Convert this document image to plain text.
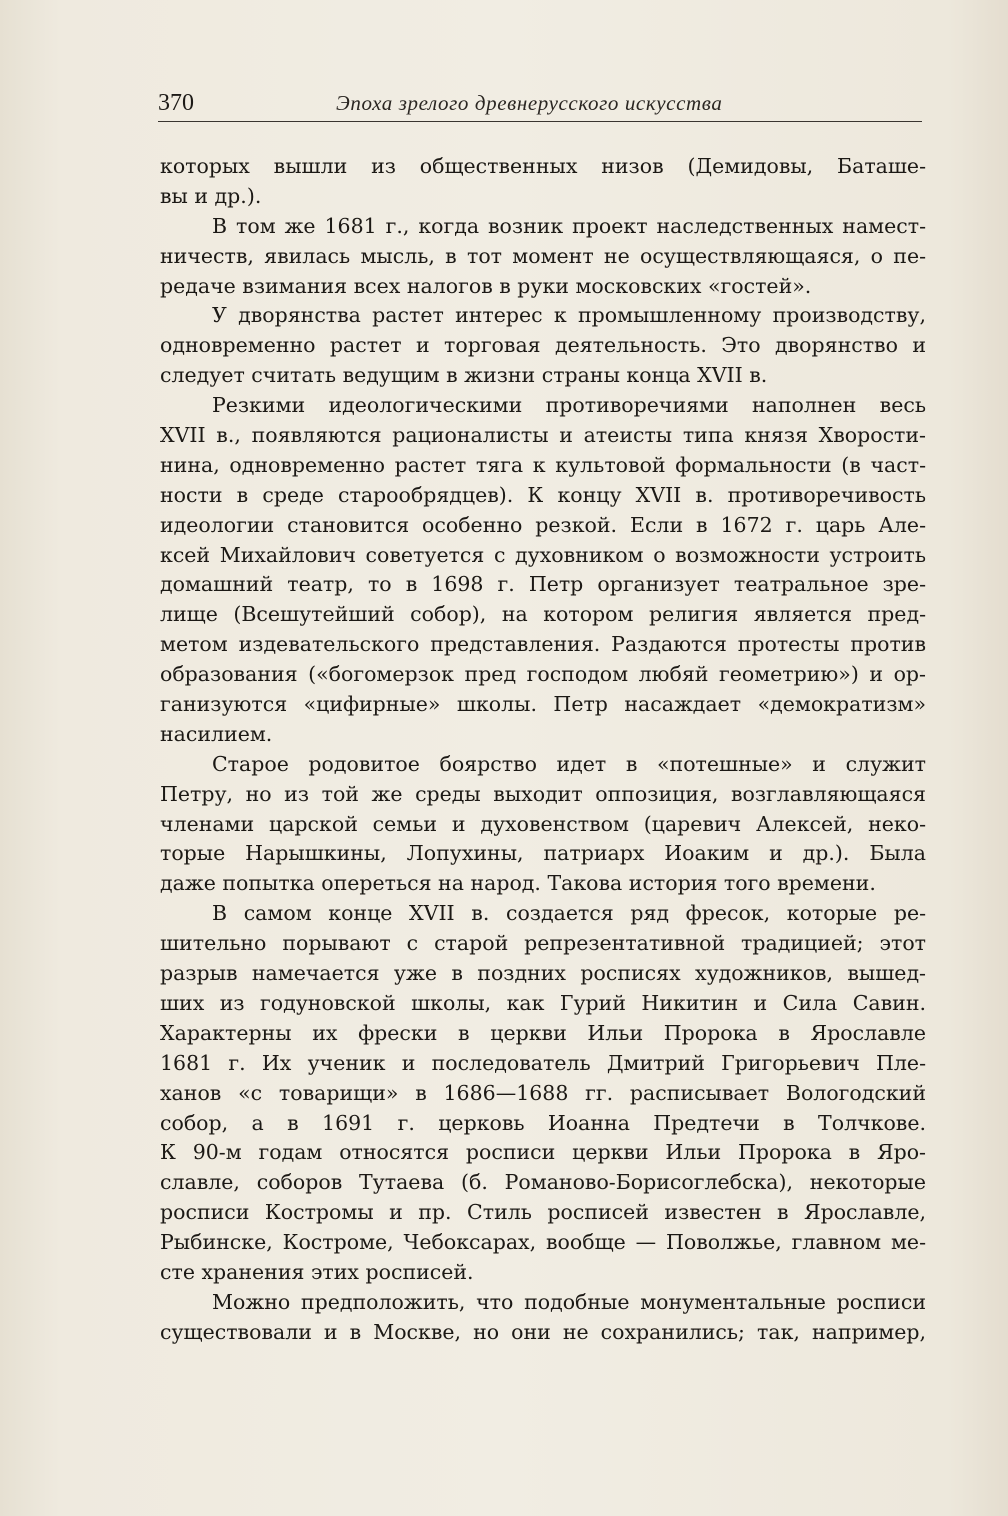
370	Эпоха зрелого древнерусского искусства
которых вышли из общественных низов (Демидовы, Баташе-
вы и др.).
В том же 1681 г., когда возник проект наследственных намест-
ничеств, явилась мысль, в тот момент не осуществляющаяся, о пе-
редаче взимания всех налогов в руки московских «гостей».
У дворянства растет интерес к промышленному производству,
одновременно растет и торговая деятельность. Это дворянство и
следует считать ведущим в жизни страны конца XVII в.
Резкими идеологическими противоречиями наполнен весь
XVII в., появляются рационалисты и атеисты типа князя Хворости-
нина, одновременно растет тяга к культовой формальности (в част-
ности в среде старообрядцев). К концу XVII в. противоречивость
идеологии становится особенно резкой. Если в 1672 г. царь Але-
ксей Михайлович советуется с духовником о возможности устроить
домашний театр, то в 1698 г. Петр организует театральное зре-
лище (Всешутейший собор), на котором религия является пред-
метом издевательского представления. Раздаются протесты против
образования («богомерзок пред господом любяй геометрию») и ор-
ганизуются «цифирные» школы. Петр насаждает «демократизм»
насилием.
Старое родовитое боярство идет в «потешные» и служит
Петру, но из той же среды выходит оппозиция, возглавляющаяся
членами царской семьи и духовенством (царевич Алексей, неко-
торые Нарышкины, Лопухины, патриарх Иоаким и др.). Была
даже попытка опереться на народ. Такова история того времени.
В самом конце XVII в. создается ряд фресок, которые ре-
шительно порывают с старой репрезентативной традицией; этот
разрыв намечается уже в поздних росписях художников, вышед-
ших из годуновской школы, как Гурий Никитин и Сила Савин.
Характерны их фрески в церкви Ильи Пророка в Ярославле
1681 г. Их ученик и последователь Дмитрий Григорьевич Пле-
ханов «с товарищи» в 1686—1688 гг. расписывает Вологодский
собор, а в 1691 г. церковь Иоанна Предтечи в Толчкове.
К 90-м годам относятся росписи церкви Ильи Пророка в Яро-
славле, соборов Тутаева (б. Романово-Борисоглебска), некоторые
росписи Костромы и пр. Стиль росписей известен в Ярославле,
Рыбинске, Костроме, Чебоксарах, вообще — Поволжье, главном ме-
сте хранения этих росписей.
Можно предположить, что подобные монументальные росписи
существовали и в Москве, но они не сохранились; так, например,
